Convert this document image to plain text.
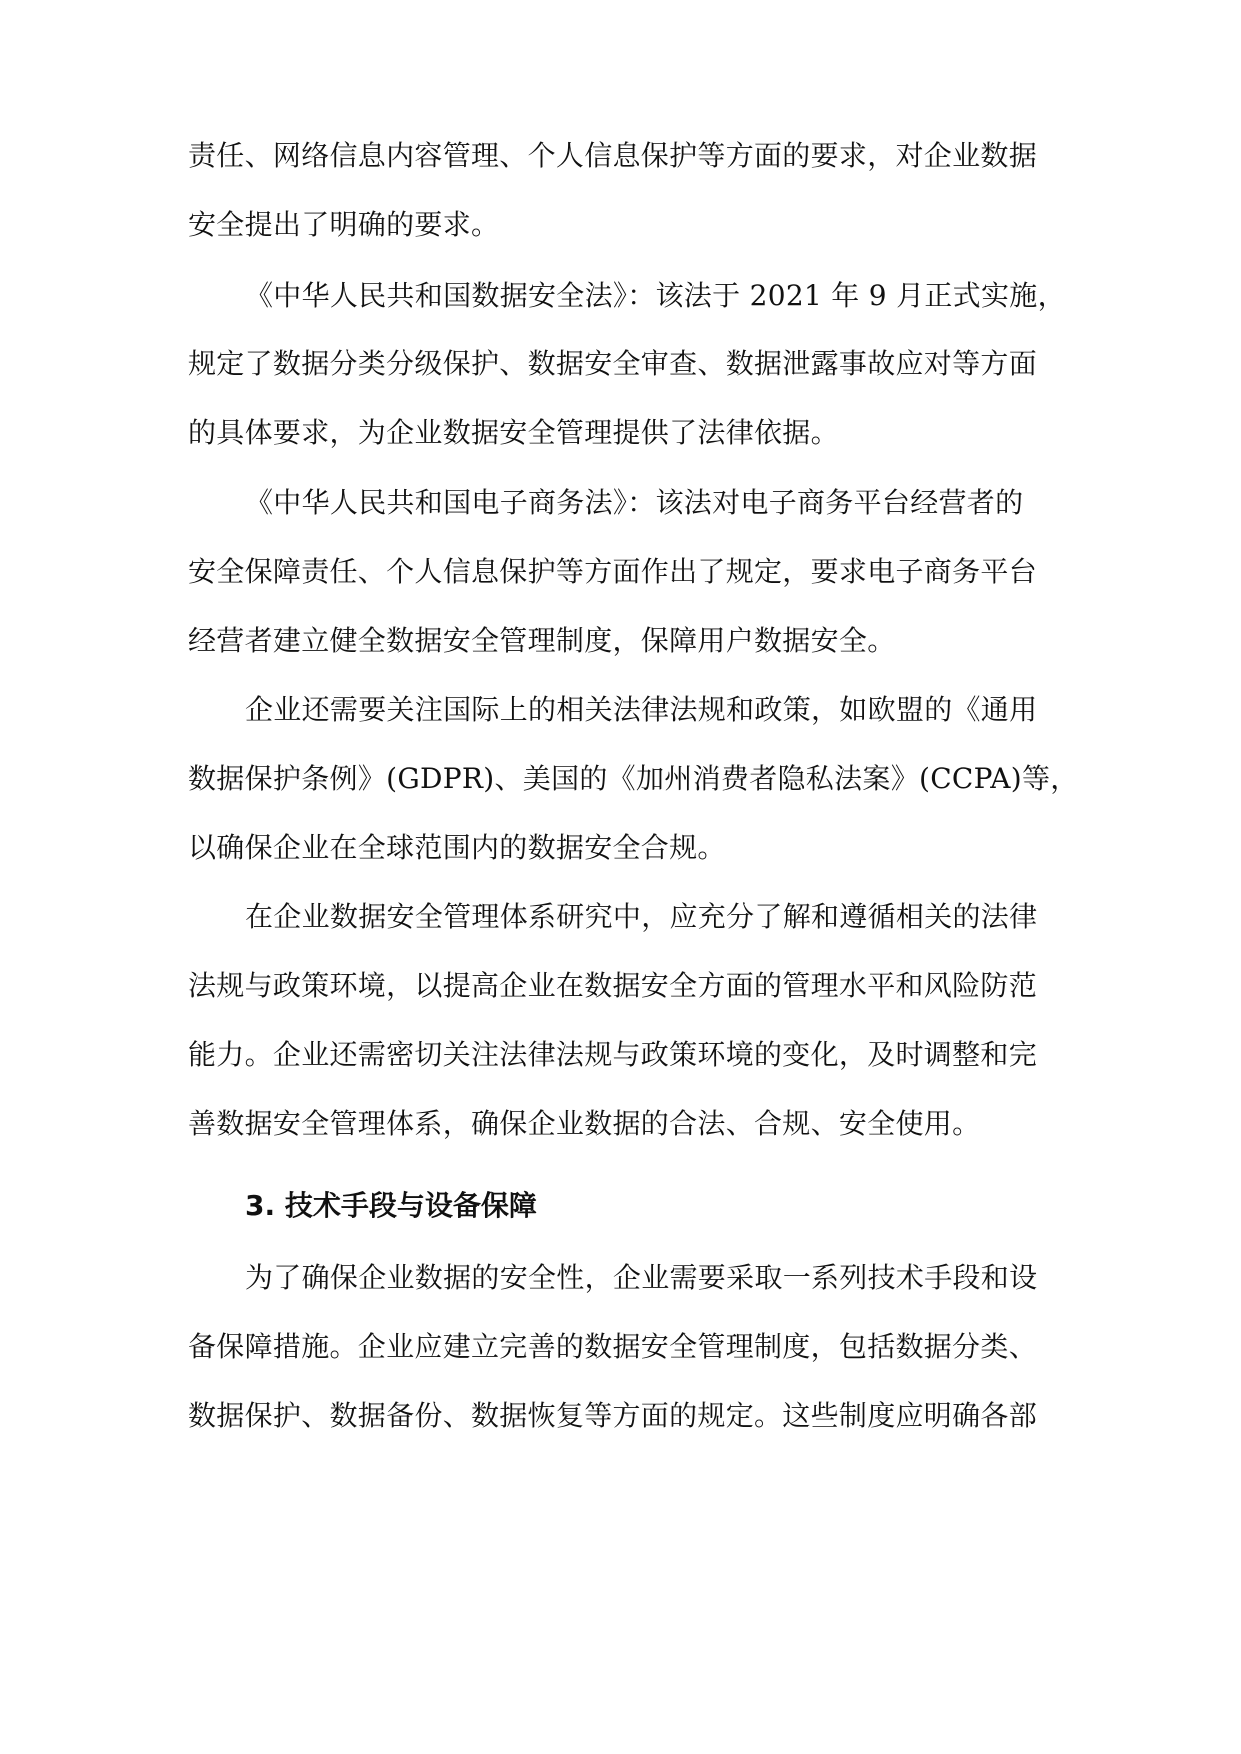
责任、网络信息内容管理、个人信息保护等方面的要求，对企业数据
安全提出了明确的要求。
《中华人民共和国数据安全法》：该法于 2021 年 9 月正式实施，
规定了数据分类分级保护、数据安全审查、数据泄露事故应对等方面
的具体要求，为企业数据安全管理提供了法律依据。
《中华人民共和国电子商务法》：该法对电子商务平台经营者的
安全保障责任、个人信息保护等方面作出了规定，要求电子商务平台
经营者建立健全数据安全管理制度，保障用户数据安全。
企业还需要关注国际上的相关法律法规和政策，如欧盟的《通用
数据保护条例》(GDPR)、美国的《加州消费者隐私法案》(CCPA)等，
以确保企业在全球范围内的数据安全合规。
在企业数据安全管理体系研究中，应充分了解和遵循相关的法律
法规与政策环境，以提高企业在数据安全方面的管理水平和风险防范
能力。企业还需密切关注法律法规与政策环境的变化，及时调整和完
善数据安全管理体系，确保企业数据的合法、合规、安全使用。
3. 技术手段与设备保障
为了确保企业数据的安全性，企业需要采取一系列技术手段和设
备保障措施。企业应建立完善的数据安全管理制度，包括数据分类、
数据保护、数据备份、数据恢复等方面的规定。这些制度应明确各部
